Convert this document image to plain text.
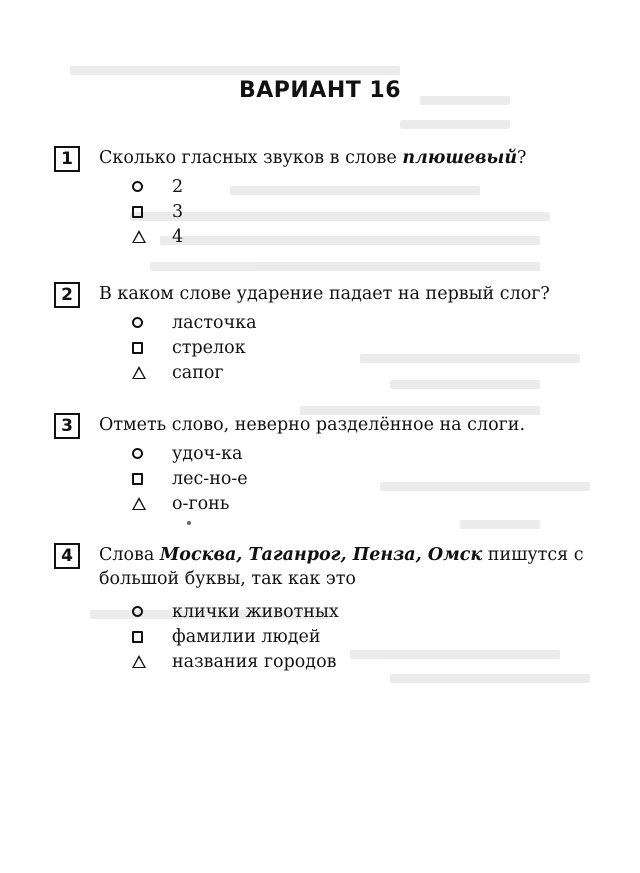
ВАРИАНТ 16
1	Сколько гласных звуков в слове плюшевый?
2
3
4
2	В каком слове ударение падает на первый слог?
ласточка
стрелок
сапог
3	Отметь слово, неверно разделённое на слоги.
удоч-ка
лес-но-е
о-гонь
4	Слова Москва, Таганрог, Пенза, Омск пишутся с большой буквы, так как это
клички животных
фамилии людей
названия городов
